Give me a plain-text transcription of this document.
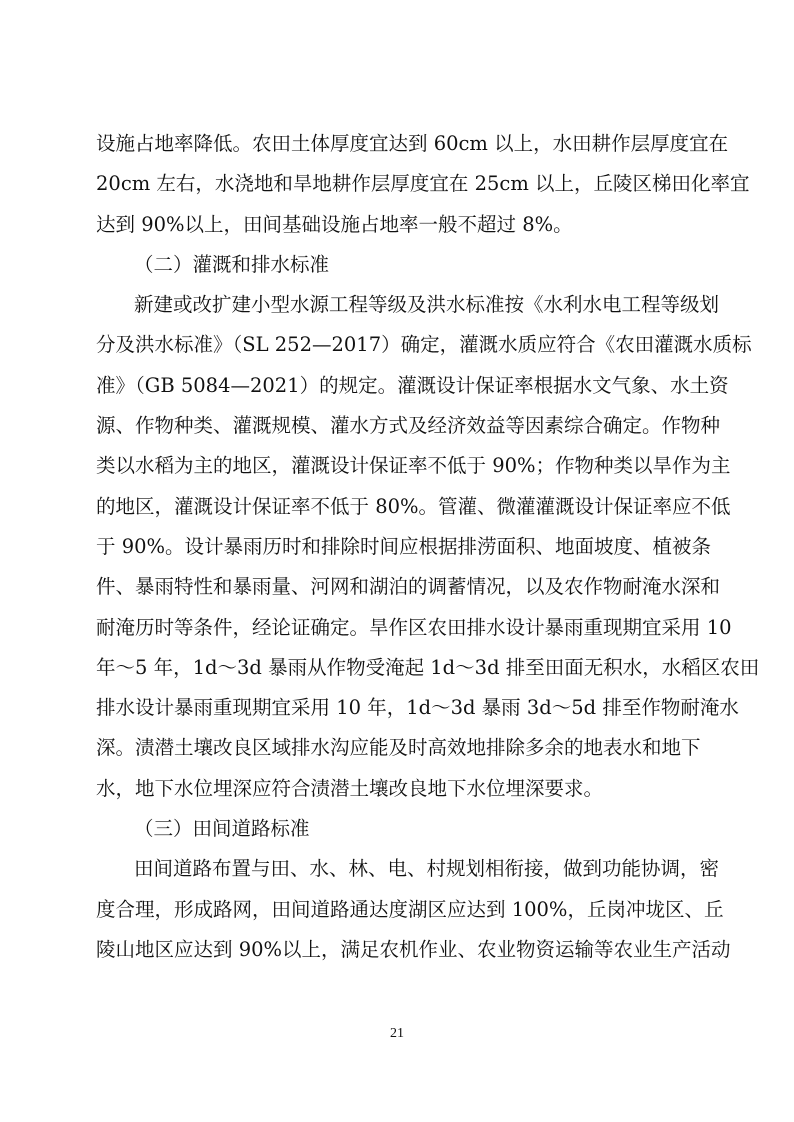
设施占地率降低。农田土体厚度宜达到 60cm 以上，水田耕作层厚度宜在
20cm 左右，水浇地和旱地耕作层厚度宜在 25cm 以上，丘陵区梯田化率宜
达到 90%以上，田间基础设施占地率一般不超过 8%。
（二）灌溉和排水标准
新建或改扩建小型水源工程等级及洪水标准按《水利水电工程等级划
分及洪水标准》（SL 252—2017）确定，灌溉水质应符合《农田灌溉水质标
准》（GB 5084—2021）的规定。灌溉设计保证率根据水文气象、水土资
源、作物种类、灌溉规模、灌水方式及经济效益等因素综合确定。作物种
类以水稻为主的地区，灌溉设计保证率不低于 90%；作物种类以旱作为主
的地区，灌溉设计保证率不低于 80%。管灌、微灌灌溉设计保证率应不低
于 90%。设计暴雨历时和排除时间应根据排涝面积、地面坡度、植被条
件、暴雨特性和暴雨量、河网和湖泊的调蓄情况，以及农作物耐淹水深和
耐淹历时等条件，经论证确定。旱作区农田排水设计暴雨重现期宜采用 10
年～5 年，1d～3d 暴雨从作物受淹起 1d～3d 排至田面无积水，水稻区农田
排水设计暴雨重现期宜采用 10 年，1d～3d 暴雨 3d～5d 排至作物耐淹水
深。渍潜土壤改良区域排水沟应能及时高效地排除多余的地表水和地下
水，地下水位埋深应符合渍潜土壤改良地下水位埋深要求。
（三）田间道路标准
田间道路布置与田、水、林、电、村规划相衔接，做到功能协调，密
度合理，形成路网，田间道路通达度湖区应达到 100%，丘岗冲垅区、丘
陵山地区应达到 90%以上，满足农机作业、农业物资运输等农业生产活动
21
